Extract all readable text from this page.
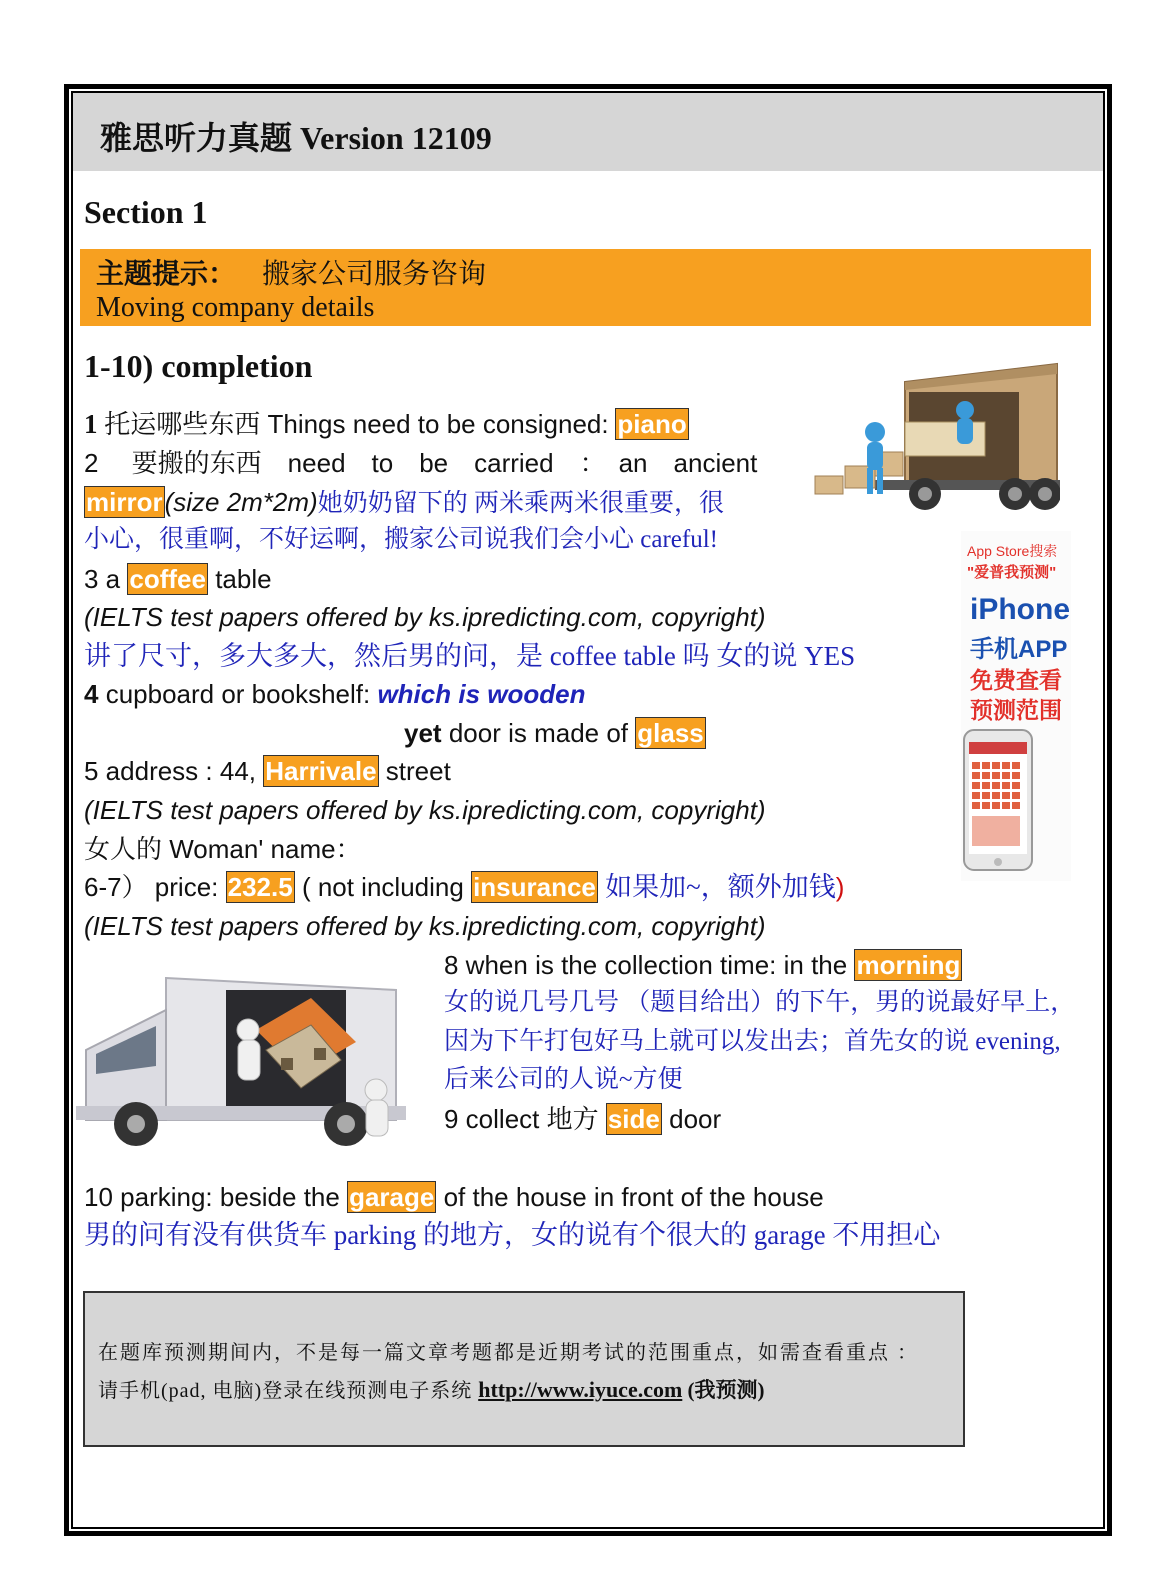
雅思听力真题 Version 12109
Section 1
主题提示： 搬家公司服务咨询
Moving company details
1-10) completion
1 托运哪些东西 Things need to be consigned: piano
2　 要搬的东西　need　to　be　carried　：　an　ancient
mirror(size 2m*2m)她奶奶留下的 两米乘两米很重要，很
小心，很重啊，不好运啊，搬家公司说我们会小心 careful!
3 a coffee table
(IELTS test papers offered by ks.ipredicting.com, copyright)
讲了尺寸，多大多大，然后男的问，是 coffee table 吗 女的说 YES
4 cupboard or bookshelf: which is wooden
yet door is made of glass
5 address : 44, Harrivale street
(IELTS test papers offered by ks.ipredicting.com, copyright)
女人的 Woman' name：
6-7） price: 232.5 ( not including insurance 如果加~，额外加钱)
(IELTS test papers offered by ks.ipredicting.com, copyright)
8 when is the collection time: in the morning
女的说几号几号 （题目给出）的下午，男的说最好早上，
因为下午打包好马上就可以发出去；首先女的说 evening,
后来公司的人说~方便
9 collect 地方 side door
10 parking: beside the garage of the house in front of the house
男的问有没有供货车 parking 的地方，女的说有个很大的 garage 不用担心
App Store搜索
"爱普我预测"
iPhone
手机APP
免费查看
预测范围
在题库预测期间内，不是每一篇文章考题都是近期考试的范围重点，如需查看重点 ：
请手机(pad, 电脑)登录在线预测电子系统 http://www.iyuce.com (我预测)
